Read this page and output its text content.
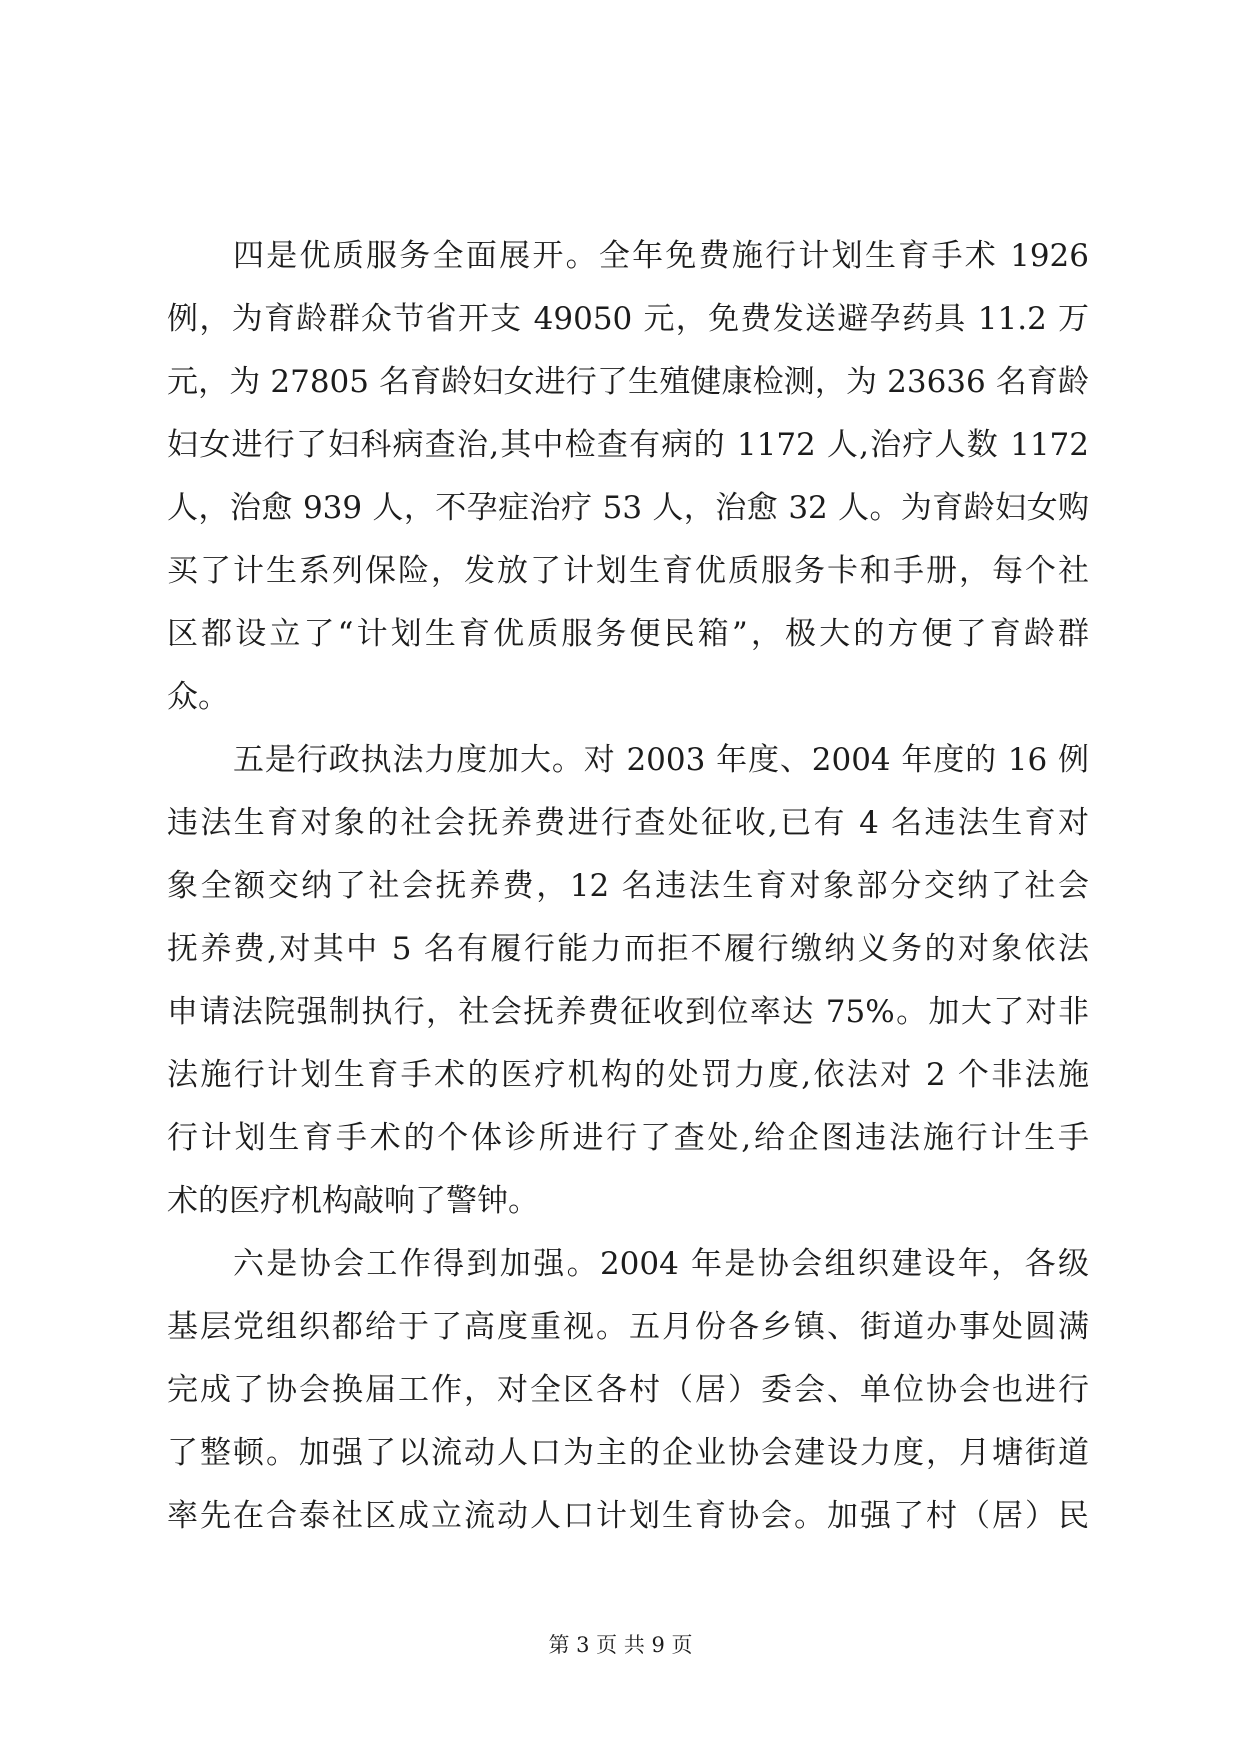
四是优质服务全面展开。全年免费施行计划生育手术 1926
例，为育龄群众节省开支 49050 元，免费发送避孕药具 11.2 万
元，为 27805 名育龄妇女进行了生殖健康检测，为 23636 名育龄
妇女进行了妇科病查治,其中检查有病的 1172 人,治疗人数 1172
人，治愈 939 人，不孕症治疗 53 人，治愈 32 人。为育龄妇女购
买了计生系列保险，发放了计划生育优质服务卡和手册，每个社
区都设立了“计划生育优质服务便民箱”，极大的方便了育龄群
众。
五是行政执法力度加大。对 2003 年度、2004 年度的 16 例
违法生育对象的社会抚养费进行查处征收,已有 4 名违法生育对
象全额交纳了社会抚养费，12 名违法生育对象部分交纳了社会
抚养费,对其中 5 名有履行能力而拒不履行缴纳义务的对象依法
申请法院强制执行，社会抚养费征收到位率达 75%。加大了对非
法施行计划生育手术的医疗机构的处罚力度,依法对 2 个非法施
行计划生育手术的个体诊所进行了查处,给企图违法施行计生手
术的医疗机构敲响了警钟。
六是协会工作得到加强。2004 年是协会组织建设年，各级
基层党组织都给于了高度重视。五月份各乡镇、街道办事处圆满
完成了协会换届工作，对全区各村（居）委会、单位协会也进行
了整顿。加强了以流动人口为主的企业协会建设力度，月塘街道
率先在合泰社区成立流动人口计划生育协会。加强了村（居）民
第 3 页 共 9 页
